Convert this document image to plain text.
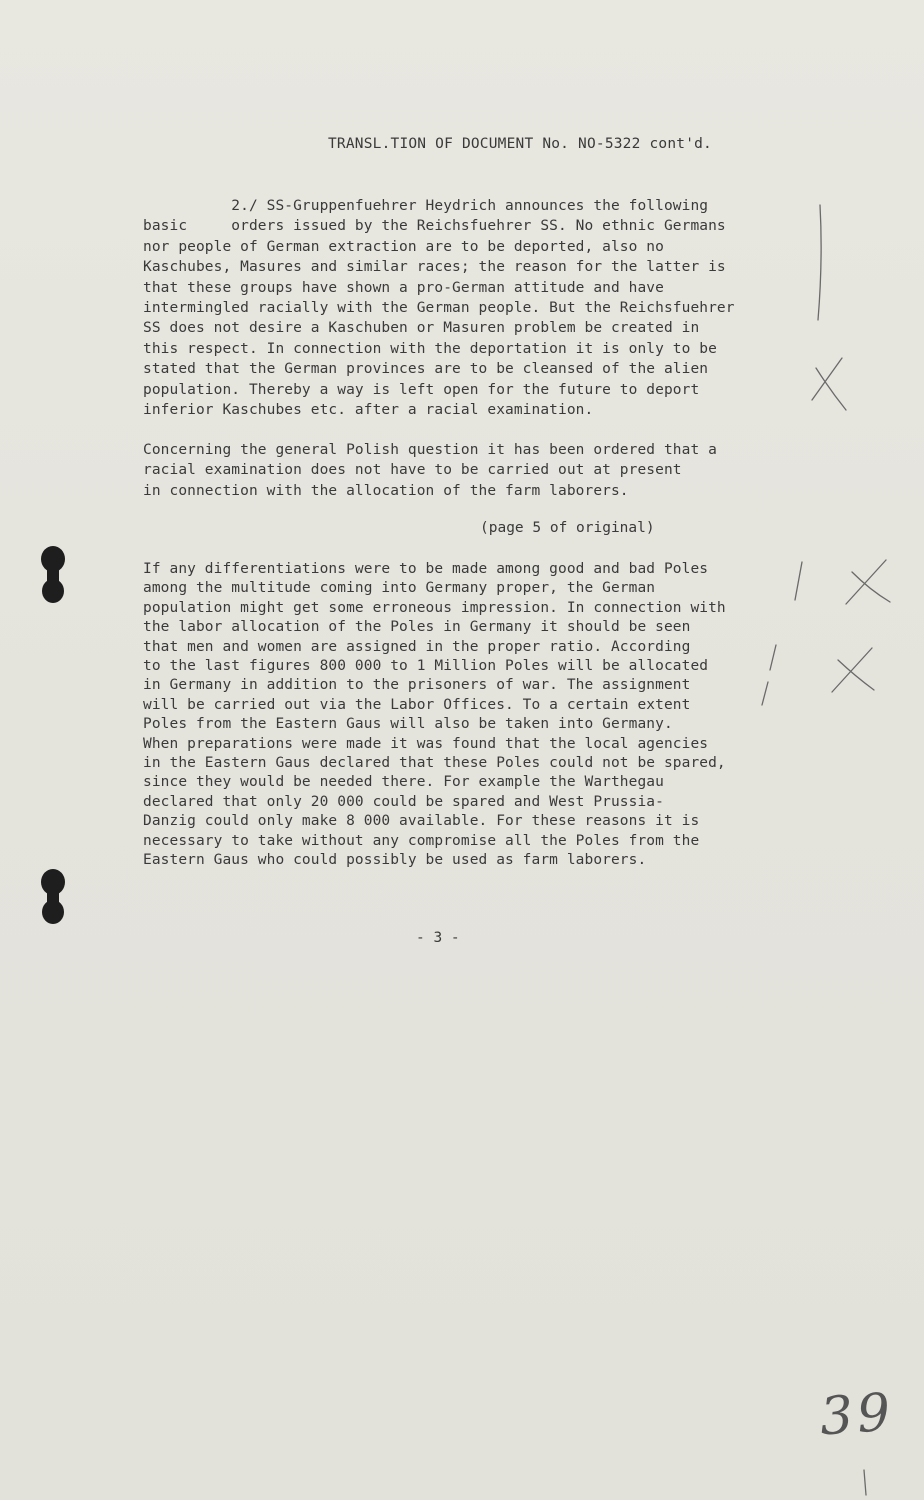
TRANSL.TION OF DOCUMENT No. NO-5322 cont'd.
2./ SS-Gruppenfuehrer Heydrich announces the following
basic     orders issued by the Reichsfuehrer SS. No ethnic Germans
nor people of German extraction are to be deported, also no
Kaschubes, Masures and similar races; the reason for the latter is
that these groups have shown a pro-German attitude and have
intermingled racially with the German people. But the Reichsfuehrer
SS does not desire a Kaschuben or Masuren problem be created in
this respect. In connection with the deportation it is only to be
stated that the German provinces are to be cleansed of the alien
population. Thereby a way is left open for the future to deport
inferior Kaschubes etc. after a racial examination.
Concerning the general Polish question it has been ordered that a
racial examination does not have to be carried out at present
in connection with the allocation of the farm laborers.
(page 5 of original)
If any differentiations were to be made among good and bad Poles
among the multitude coming into Germany proper, the German
population might get some erroneous impression. In connection with
the labor allocation of the Poles in Germany it should be seen
that men and women are assigned in the proper ratio. According
to the last figures 800 000 to 1 Million Poles will be allocated
in Germany in addition to the prisoners of war. The assignment
will be carried out via the Labor Offices. To a certain extent
Poles from the Eastern Gaus will also be taken into Germany.
When preparations were made it was found that the local agencies
in the Eastern Gaus declared that these Poles could not be spared,
since they would be needed there. For example the Warthegau
declared that only 20 000 could be spared and West Prussia-
Danzig could only make 8 000 available. For these reasons it is
necessary to take without any compromise all the Poles from the
Eastern Gaus who could possibly be used as farm laborers.
- 3 -
39
